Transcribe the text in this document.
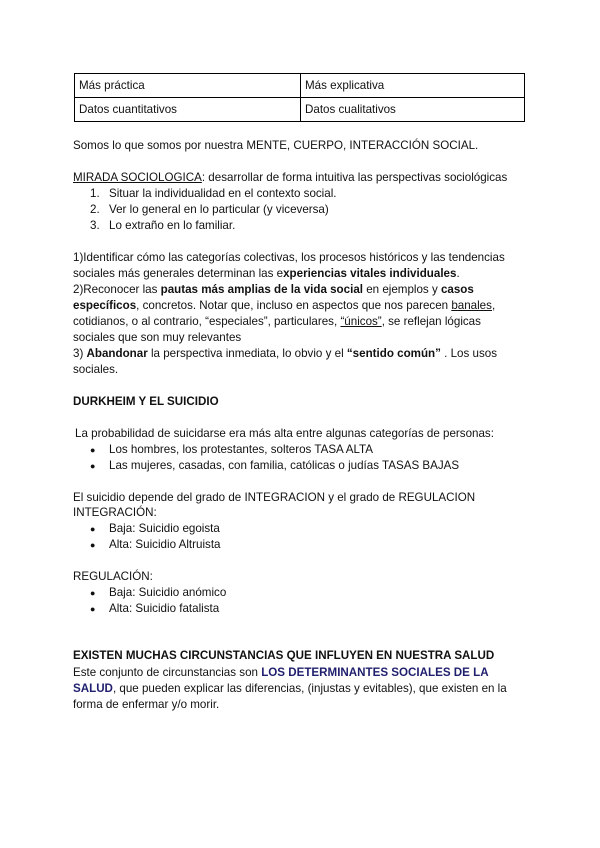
Más práctica	Más explicativa
Datos cuantitativos	Datos cualitativos
Somos lo que somos por nuestra MENTE, CUERPO, INTERACCIÓN SOCIAL.
MIRADA SOCIOLOGICA: desarrollar de forma intuitiva las perspectivas sociológicas
1. Situar la individualidad en el contexto social.
2. Ver lo general en lo particular (y viceversa)
3. Lo extraño en lo familiar.
1)Identificar cómo las categorías colectivas, los procesos históricos y las tendencias
sociales más generales determinan las experiencias vitales individuales.
2)Reconocer las pautas más amplias de la vida social en ejemplos y casos
específicos, concretos. Notar que, incluso en aspectos que nos parecen banales,
cotidianos, o al contrario, “especiales”, particulares, “únicos”, se reflejan lógicas
sociales que son muy relevantes
3) Abandonar la perspectiva inmediata, lo obvio y el “sentido común” . Los usos
sociales.
DURKHEIM Y EL SUICIDIO
La probabilidad de suicidarse era más alta entre algunas categorías de personas:
● Los hombres, los protestantes, solteros TASA ALTA
● Las mujeres, casadas, con familia, católicas o judías TASAS BAJAS
El suicidio depende del grado de INTEGRACION y el grado de REGULACION
INTEGRACIÓN:
● Baja: Suicidio egoista
● Alta: Suicidio Altruista
REGULACIÓN:
● Baja: Suicidio anómico
● Alta: Suicidio fatalista
EXISTEN MUCHAS CIRCUNSTANCIAS QUE INFLUYEN EN NUESTRA SALUD
Este conjunto de circunstancias son LOS DETERMINANTES SOCIALES DE LA
SALUD, que pueden explicar las diferencias, (injustas y evitables), que existen en la
forma de enfermar y/o morir.
